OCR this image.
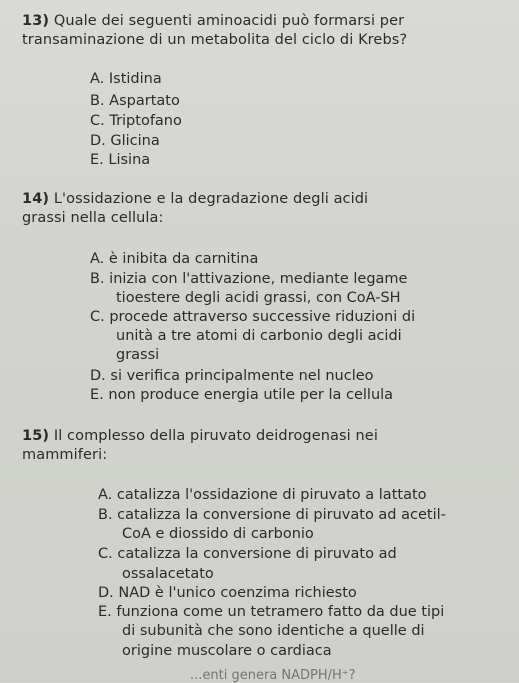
13) Quale dei seguenti aminoacidi può formarsi per
transaminazione di un metabolita del ciclo di Krebs?
A. Istidina
B. Aspartato
C. Triptofano
D. Glicina
E. Lisina
14) L'ossidazione e la degradazione degli acidi
grassi nella cellula:
A. è inibita da carnitina
B. inizia con l'attivazione, mediante legame
tioestere degli acidi grassi, con CoA-SH
C. procede attraverso successive riduzioni di
unità a tre atomi di carbonio degli acidi
grassi
D. si verifica principalmente nel nucleo
E. non produce energia utile per la cellula
15) Il complesso della piruvato deidrogenasi nei
mammiferi:
A. catalizza l'ossidazione di piruvato a lattato
B. catalizza la conversione di piruvato ad acetil-
CoA e diossido di carbonio
C. catalizza la conversione di piruvato ad
ossalacetato
D. NAD è l'unico coenzima richiesto
E. funziona come un tetramero fatto da due tipi
di subunità che sono identiche a quelle di
origine muscolare o cardiaca
...enti genera NADPH/H⁺?
